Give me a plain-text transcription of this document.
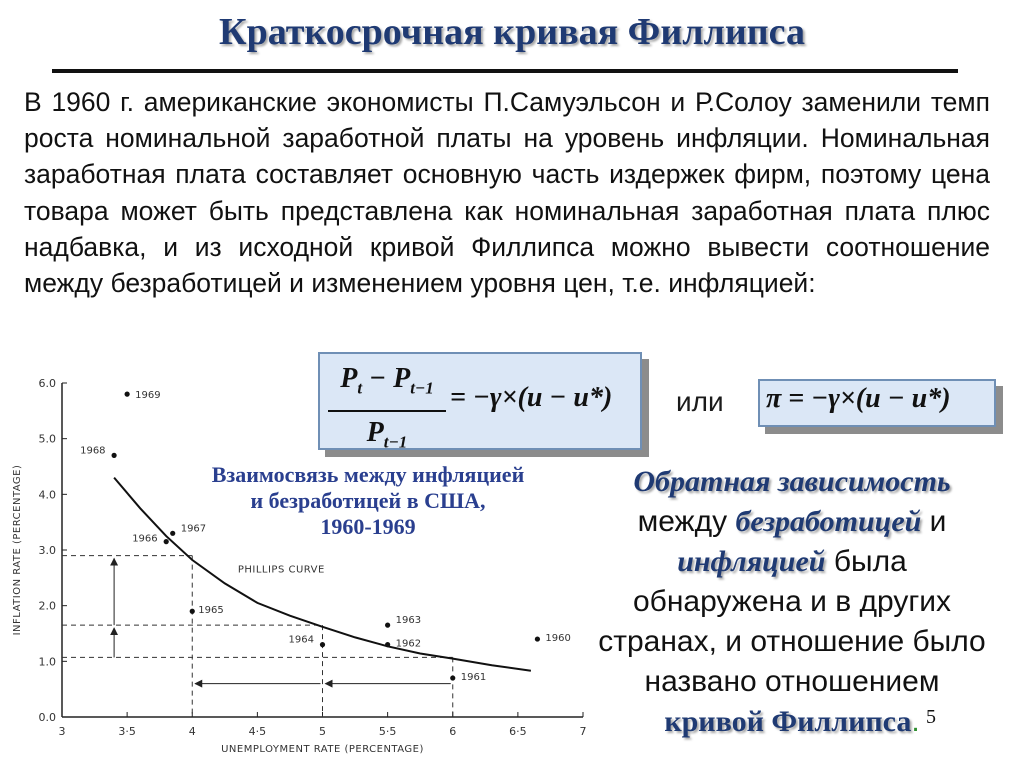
Краткосрочная кривая Филлипса
В 1960 г. американские экономисты П.Самуэльсон и Р.Солоу заменили темп роста номинальной заработной платы на уровень инфляции. Номинальная заработная плата составляет основную часть издержек фирм, поэтому цена товара может быть представлена как номинальная заработная плата плюс надбавка, и из исходной кривой Филлипса можно вывести соотношение между безработицей и изменением уровня цен, т.е. инфляцией:
3	3·5	4	4·5	5	5·5	6	6·5	7
0.0
1.0
2.0
3.0
4.0
5.0
6.0
UNEMPLOYMENT RATE (PERCENTAGE)
INFLATION RATE (PERCENTAGE)	PHILLIPS CURVE
1960
1961
1962
1963
1964
1965
1966
1967
1968
1969
$P_t - P_{t-1}$
$P_{t-1}$
= −γ×(u − u*) или π = −γ×(u − u*)
Взаимосвязь между инфляцией
и безработицей в США,
1960-1969
Обратная зависимость
между безработицей и
инфляцией была
обнаружена и в других
странах, и отношение было
названо отношением
кривой Филлипса. 5
